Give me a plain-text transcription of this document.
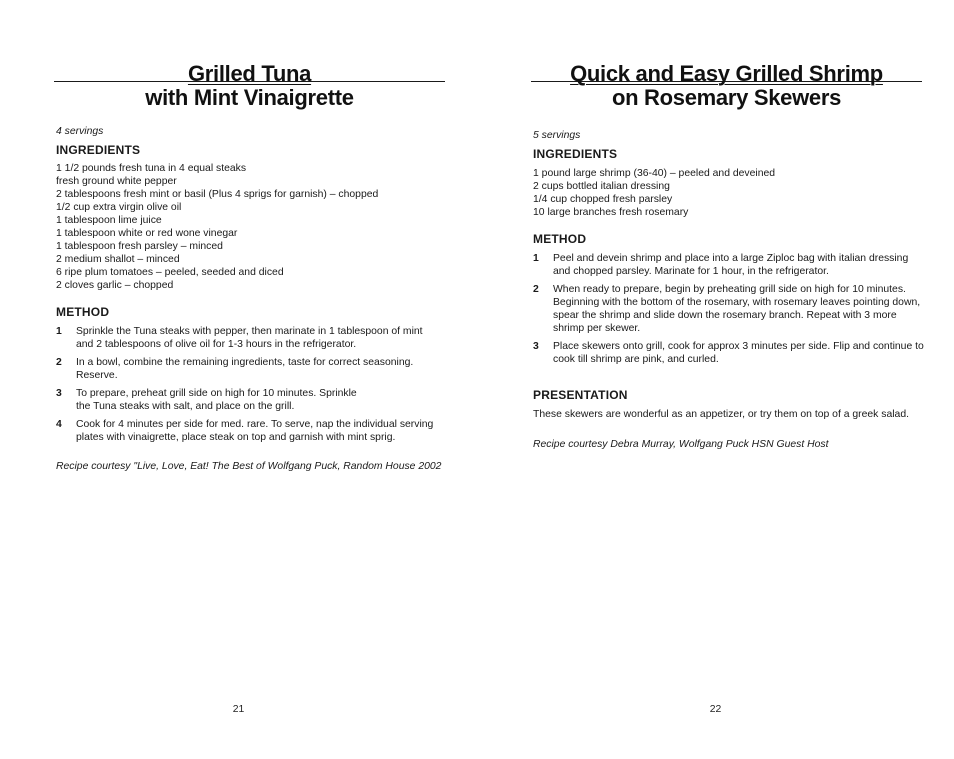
Grilled Tuna
with Mint Vinaigrette

4 servings

INGREDIENTS
1 1/2 pounds fresh tuna in 4 equal steaks
fresh ground white pepper
2 tablespoons fresh mint or basil (Plus 4 sprigs for garnish) – chopped
1/2 cup extra virgin olive oil
1 tablespoon lime juice
1 tablespoon white or red wone vinegar
1 tablespoon fresh parsley – minced
2 medium shallot – minced
6 ripe plum tomatoes – peeled, seeded and diced
2 cloves garlic – chopped
METHOD
1 Sprinkle the Tuna steaks with pepper, then marinate in 1 tablespoon of mint and 2 tablespoons of olive oil for 1-3 hours in the refrigerator.
2 In a bowl, combine the remaining ingredients, taste for correct seasoning. Reserve.
3 To prepare, preheat grill side on high for 10 minutes. Sprinkle the Tuna steaks with salt, and place on the grill.
4 Cook for 4 minutes per side for med. rare. To serve, nap the individual serving plates with vinaigrette, place steak on top and garnish with mint sprig.

Recipe courtesy "Live, Love, Eat! The Best of Wolfgang Puck, Random House 2002

21
Quick and Easy Grilled Shrimp
on Rosemary Skewers

5 servings

INGREDIENTS
1 pound large shrimp (36-40) – peeled and deveined
2 cups bottled italian dressing
1/4 cup chopped fresh parsley
10 large branches fresh rosemary
METHOD
1 Peel and devein shrimp and place into a large Ziploc bag with italian dressing and chopped parsley. Marinate for 1 hour, in the refrigerator.
2 When ready to prepare, begin by preheating grill side on high for 10 minutes. Beginning with the bottom of the rosemary, with rosemary leaves pointing down, spear the shrimp and slide down the rosemary branch. Repeat with 3 more shrimp per skewer.
3 Place skewers onto grill, cook for approx 3 minutes per side. Flip and continue to cook till shrimp are pink, and curled.
PRESENTATION

These skewers are wonderful as an appetizer, or try them on top of a greek salad.

Recipe courtesy Debra Murray, Wolfgang Puck HSN Guest Host

22
